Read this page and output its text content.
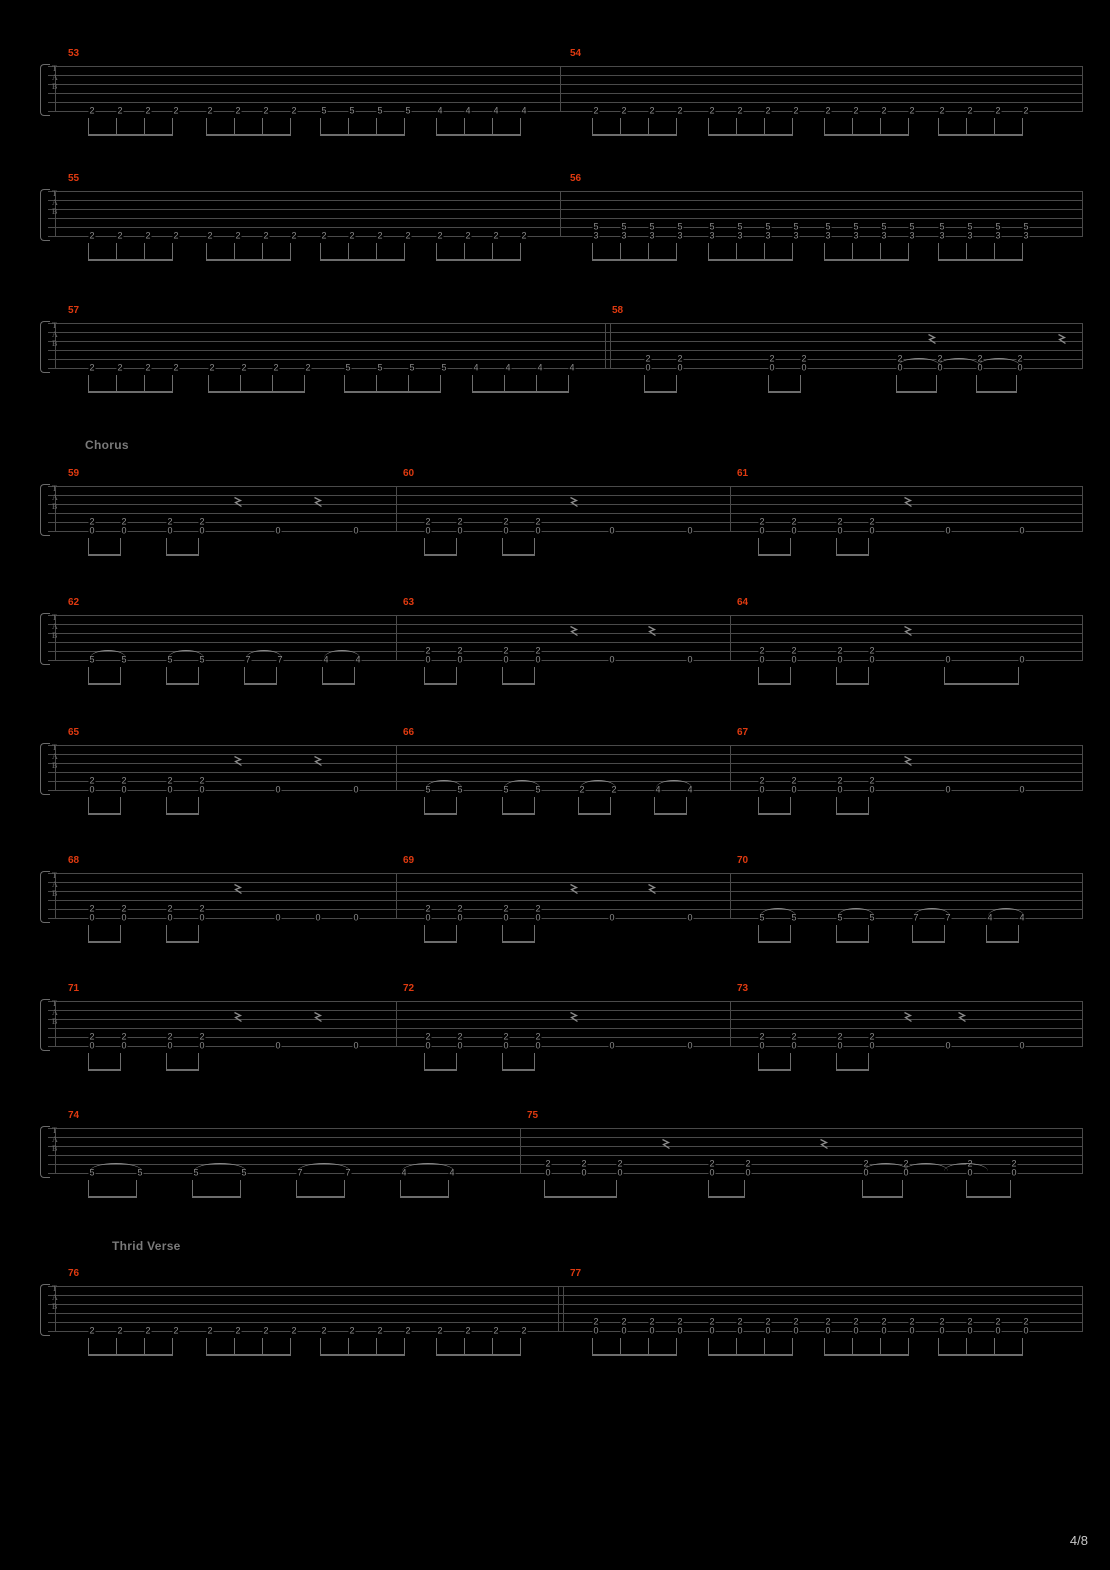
Chorus
Thrid Verse
T
A
B
53	54
2	2	2	2	2	2	2	2	5	5	5	5	4	4	4	4	2	2	2	2	2	2	2	2	2	2	2	2	2	2	2	2
T
A
B
55	56
2	2	2	2	2	2	2	2	2	2	2	2	2	2	2	2
5	5	5	5	5	5	5	5	5	5	5	5	5	5	5	5
3	3	3	3	3	3	3	3	3	3	3	3	3	3	3	3
T
A
B
57	58
2	2	2	2	2	2	2	2	5	5	5	5	4	4	4	4
2
0
2
0
2
0
2
0
2
0
2
0
2
0
2
0
T
A
B
59	60	61
2
0
2
0
2
0
2
0	0	0
2
0
2
0
2
0
2
0	0	0
2
0
2
0
2
0
2
0	0	0
T
A
B
62	63	64
5	5	5	5	7	7	4	4
2
0
2
0
2
0
2
0	0	0
2
0
2
0
2
0
2
0	0	0
T
A
B
65	66	67
2
0
2
0
2
0
2
0	0	0	5	5	5	5	2	2	4	4
2
0
2
0
2
0
2
0	0	0
T
A
B
68	69	70
2
0
2
0
2
0
2
0	0	0	0
2
0
2
0
2
0
2
0	0	0	5	5	5	5	7	7	4	4
T
A
B
71	72	73
2
0
2
0
2
0
2
0	0	0
2
0
2
0
2
0
2
0	0	0
2
0
2
0
2
0
2
0	0	0
T
A
B
74	75
5	5	5	5	7	7	4	4
2
0
2
0
2
0
2
0
2
0
2
0
2
0
2
0
2
0
T
A
B
76	77
2	2	2	2	2	2	2	2	2	2	2	2	2	2	2	2
2
0
2
0
2
0
2
0
2
0
2
0
2
0
2
0
2
0
2
0
2
0
2
0
2
0
2
0
2
0
2
0
4/8
